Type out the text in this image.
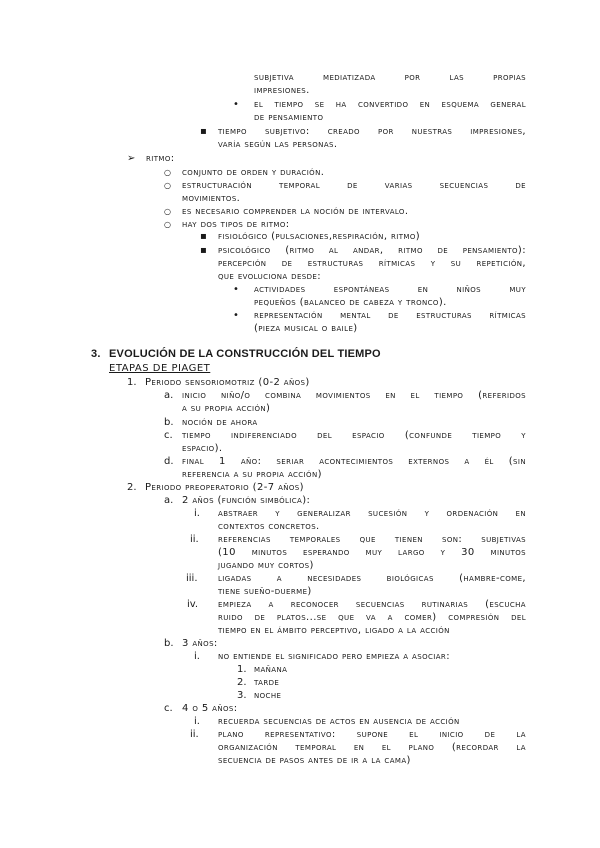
subjetiva mediatizada por las propias
impresiones.
•
el tiempo se ha convertido en esquema general
de pensamiento
▪
tiempo subjetivo: creado por nuestras impresiones,
varía según las personas.
➢
ritmo:
○
conjunto de orden y duración.
○
estructuración temporal de varias secuencias de
movimientos.
○
es necesario comprender la noción de intervalo.
○
hay dos tipos de ritmo:
▪
fisiológico (pulsaciones,respiración, ritmo)
▪
psicológico (ritmo al andar, ritmo de pensamiento):
percepción de estructuras rítmicas y su repetición,
que evoluciona desde:
•
actividades espontáneas en niños muy
pequeños (balanceo de cabeza y tronco).
•
representación mental de estructuras rítmicas
(pieza musical o baile)
3. EVOLUCIÓN DE LA CONSTRUCCIÓN DEL TIEMPO
ETAPAS DE PIAGET
1. Periodo sensoriomotriz (0-2 años)
a. inicio niño/o combina movimientos en el tiempo (referidos
a su propia acción)
b. noción de ahora
c. tiempo indiferenciado del espacio (confunde tiempo y
espacio).
d. final 1 año: seriar acontecimientos externos a él (sin
referencia a su propia acción)
2. Periodo preoperatorio (2-7 años)
a. 2 años (función simbólica):
i. abstraer y generalizar sucesión y ordenación en
contextos concretos.
ii. referencias temporales que tienen son: subjetivas
(10 minutos esperando muy largo y 30 minutos
jugando muy cortos)
iii. ligadas a necesidades biológicas (hambre-come,
tiene sueño-duerme)
iv. empieza a reconocer secuencias rutinarias (escucha
ruido de platos...se que va a comer) compresión del
tiempo en el ámbito perceptivo, ligado a la acción
b. 3 años:
i. no entiende el significado pero empieza a asociar:
1. mañana
2. tarde
3. noche
c. 4 o 5 años:
i. recuerda secuencias de actos en ausencia de acción
ii. plano representativo: supone el inicio de la
organización temporal en el plano (recordar la
secuencia de pasos antes de ir a la cama)
